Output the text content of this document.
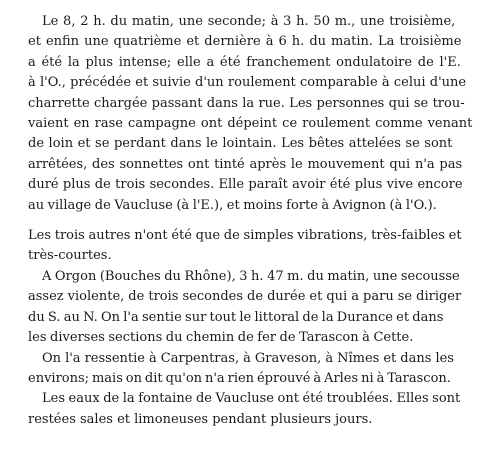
Le 8, 2 h. du matin, une seconde; à 3 h. 50 m., une troisième,
et enfin une quatrième et dernière à 6 h. du matin. La troisième
a été la plus intense; elle a été franchement ondulatoire de l'E.
à l'O., précédée et suivie d'un roulement comparable à celui d'une
charrette chargée passant dans la rue. Les personnes qui se trou-
vaient en rase campagne ont dépeint ce roulement comme venant
de loin et se perdant dans le lointain. Les bêtes attelées se sont
arrêtées, des sonnettes ont tinté après le mouvement qui n'a pas
duré plus de trois secondes. Elle paraît avoir été plus vive encore
au village de Vaucluse (à l'E.), et moins forte à Avignon (à l'O.).

Les trois autres n'ont été que de simples vibrations, très-faibles et
très-courtes.

A Orgon (Bouches du Rhône), 3 h. 47 m. du matin, une secousse
assez violente, de trois secondes de durée et qui a paru se diriger
du S. au N. On l'a sentie sur tout le littoral de la Durance et dans
les diverses sections du chemin de fer de Tarascon à Cette.

On l'a ressentie à Carpentras, à Graveson, à Nîmes et dans les
environs; mais on dit qu'on n'a rien éprouvé à Arles ni à Tarascon.

Les eaux de la fontaine de Vaucluse ont été troublées. Elles sont
restées sales et limoneuses pendant plusieurs jours.
